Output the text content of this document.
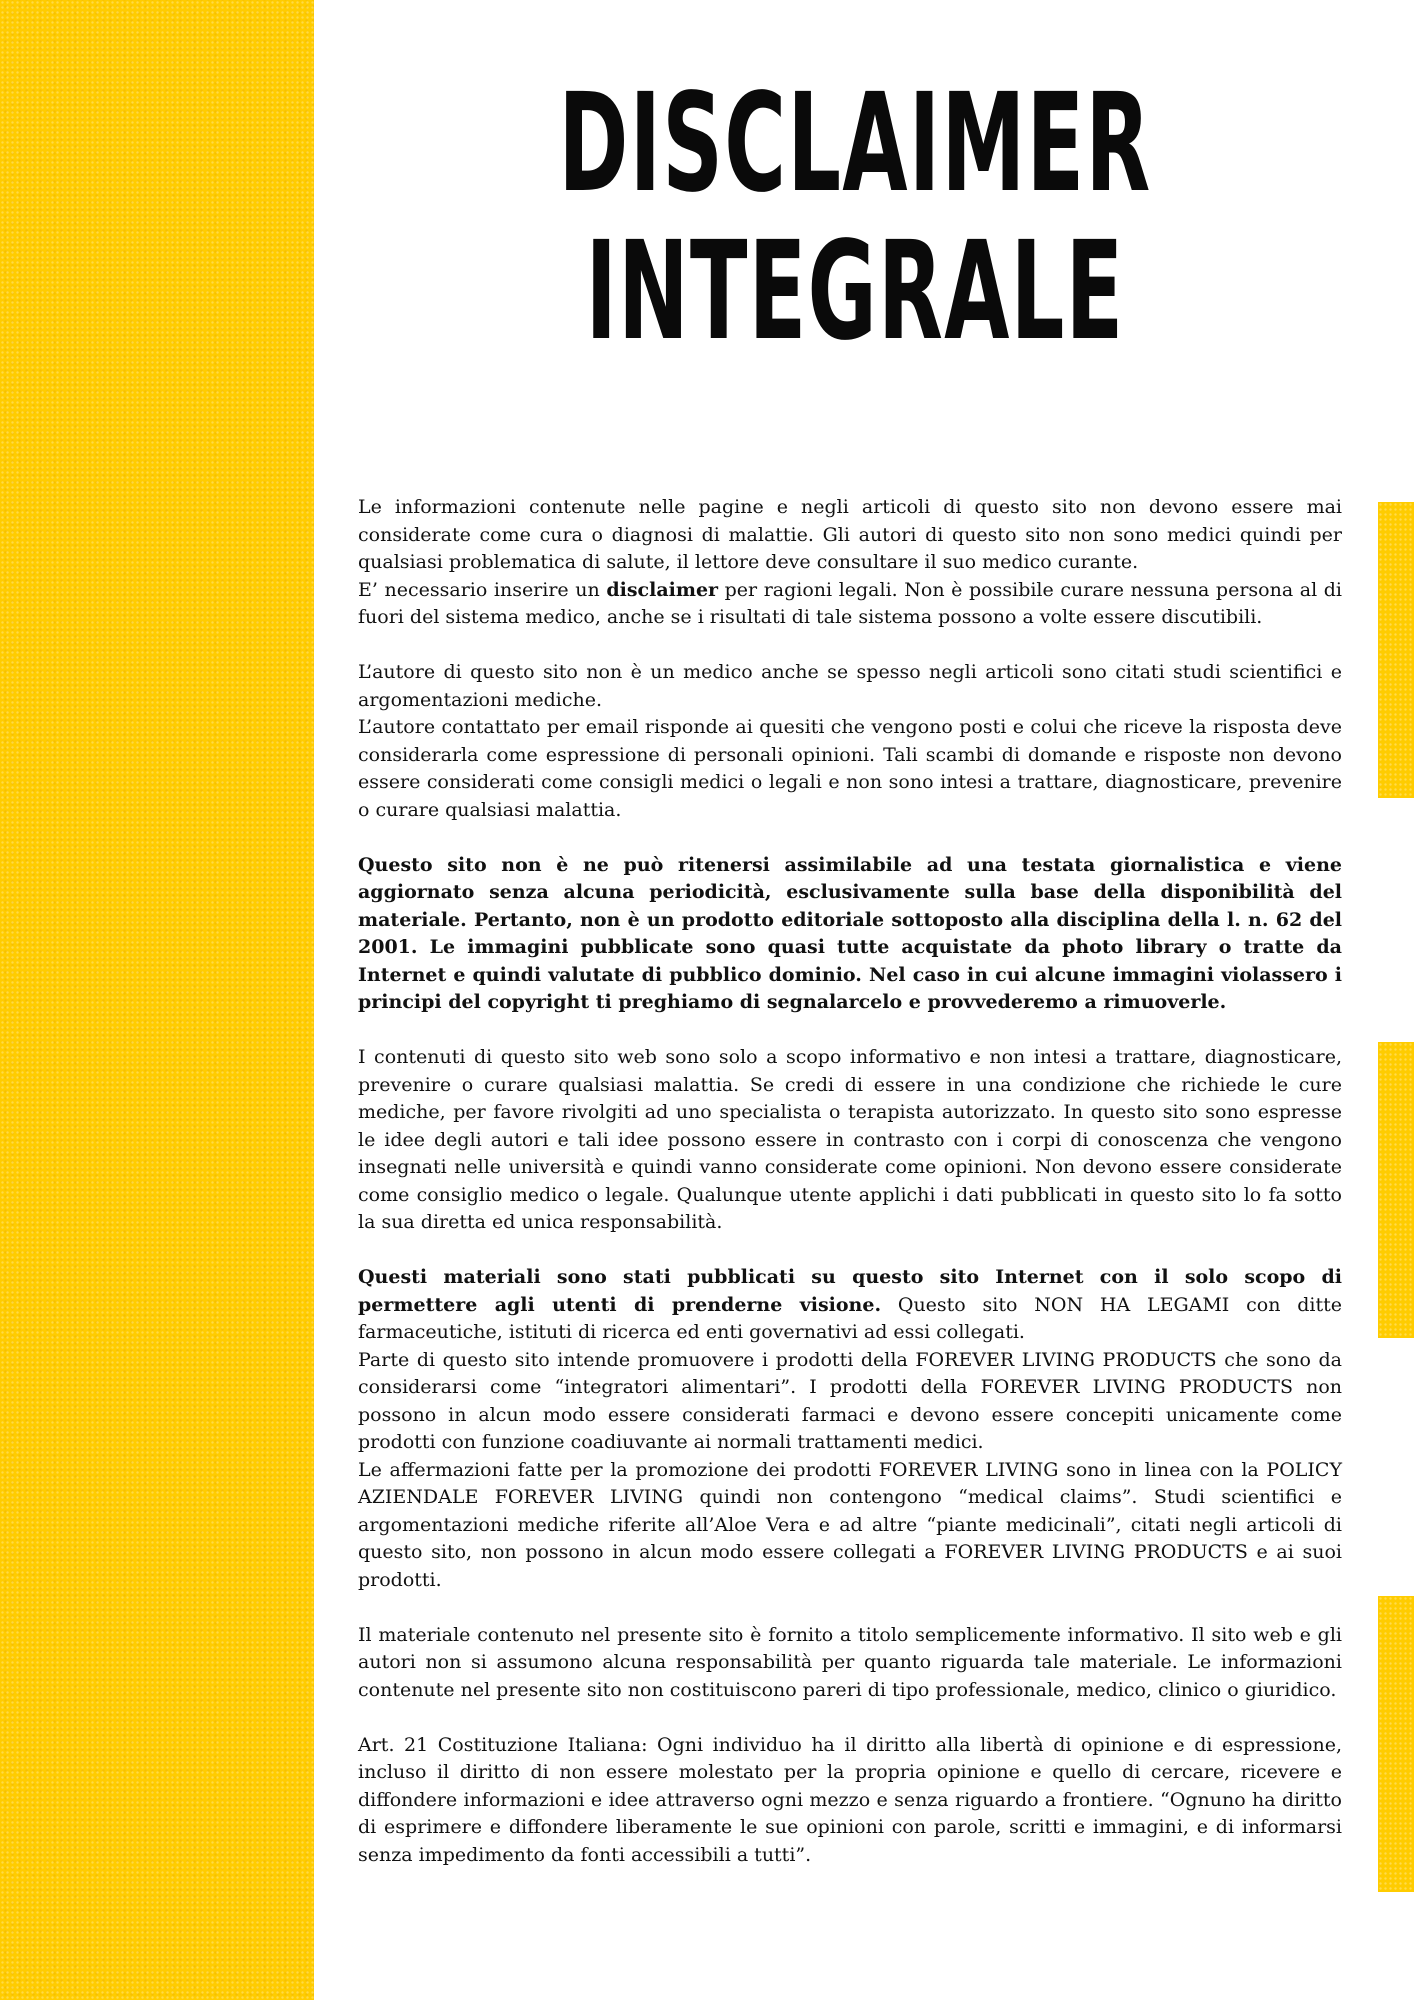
DISCLAIMER
INTEGRALE

Le informazioni contenute nelle pagine e negli articoli di questo sito non devono essere mai considerate come cura o diagnosi di malattie. Gli autori di questo sito non sono medici quindi per qualsiasi problematica di salute, il lettore deve consultare il suo medico curante.
E’ necessario inserire un disclaimer per ragioni legali. Non è possibile curare nessuna persona al di fuori del sistema medico, anche se i risultati di tale sistema possono a volte essere discutibili.

L’autore di questo sito non è un medico anche se spesso negli articoli sono citati studi scientifici e argomentazioni mediche.
L’autore contattato per email risponde ai quesiti che vengono posti e colui che riceve la risposta deve considerarla come espressione di personali opinioni. Tali scambi di domande e risposte non devono essere considerati come consigli medici o legali e non sono intesi a trattare, diagnosticare, prevenire o curare qualsiasi malattia.

Questo sito non è ne può ritenersi assimilabile ad una testata giornalistica e viene aggiornato senza alcuna periodicità, esclusivamente sulla base della disponibilità del materiale. Pertanto, non è un prodotto editoriale sottoposto alla disciplina della l. n. 62 del 2001. Le immagini pubblicate sono quasi tutte acquistate da photo library o tratte da Internet e quindi valutate di pubblico dominio. Nel caso in cui alcune immagini violassero i principi del copyright ti preghiamo di segnalarcelo e provvederemo a rimuoverle.

I contenuti di questo sito web sono solo a scopo informativo e non intesi a trattare, diagnosticare, prevenire o curare qualsiasi malattia. Se credi di essere in una condizione che richiede le cure mediche, per favore rivolgiti ad uno specialista o terapista autorizzato. In questo sito sono espresse le idee degli autori e tali idee possono essere in contrasto con i corpi di conoscenza che vengono insegnati nelle università e quindi vanno considerate come opinioni. Non devono essere considerate come consiglio medico o legale. Qualunque utente applichi i dati pubblicati in questo sito lo fa sotto la sua diretta ed unica responsabilità.

Questi materiali sono stati pubblicati su questo sito Internet con il solo scopo di permettere agli utenti di prenderne visione. Questo sito NON HA LEGAMI con ditte farmaceutiche, istituti di ricerca ed enti governativi ad essi collegati.
Parte di questo sito intende promuovere i prodotti della FOREVER LIVING PRODUCTS che sono da considerarsi come “integratori alimentari”. I prodotti della FOREVER LIVING PRODUCTS non possono in alcun modo essere considerati farmaci e devono essere concepiti unicamente come prodotti con funzione coadiuvante ai normali trattamenti medici.
Le affermazioni fatte per la promozione dei prodotti FOREVER LIVING sono in linea con la POLICY AZIENDALE FOREVER LIVING quindi non contengono “medical claims”. Studi scientifici e argomentazioni mediche riferite all’Aloe Vera e ad altre “piante medicinali”, citati negli articoli di questo sito, non possono in alcun modo essere collegati a FOREVER LIVING PRODUCTS e ai suoi prodotti.

Il materiale contenuto nel presente sito è fornito a titolo semplicemente informativo. Il sito web e gli autori non si assumono alcuna responsabilità per quanto riguarda tale materiale. Le informazioni contenute nel presente sito non costituiscono pareri di tipo professionale, medico, clinico o giuridico.

Art. 21 Costituzione Italiana: Ogni individuo ha il diritto alla libertà di opinione e di espressione, incluso il diritto di non essere molestato per la propria opinione e quello di cercare, ricevere e diffondere informazioni e idee attraverso ogni mezzo e senza riguardo a frontiere. “Ognuno ha diritto di esprimere e diffondere liberamente le sue opinioni con parole, scritti e immagini, e di informarsi senza impedimento da fonti accessibili a tutti”.
